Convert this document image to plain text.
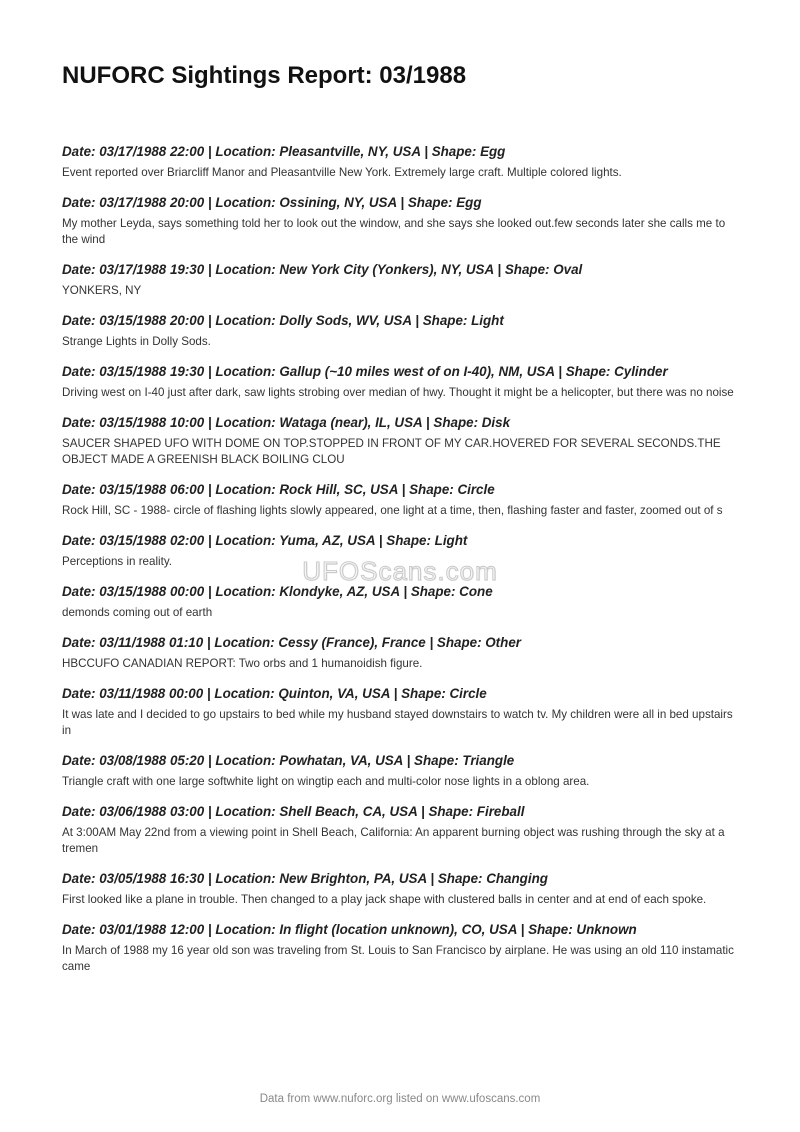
NUFORC Sightings Report: 03/1988

Date: 03/17/1988 22:00 | Location: Pleasantville, NY, USA | Shape: Egg

Event reported over Briarcliff Manor and Pleasantville New York. Extremely large craft. Multiple colored lights.

Date: 03/17/1988 20:00 | Location: Ossining, NY, USA | Shape: Egg

My mother Leyda, says something told her to look out the window, and she says she looked out.few seconds later she calls me to the wind

Date: 03/17/1988 19:30 | Location: New York City (Yonkers), NY, USA | Shape: Oval

YONKERS, NY

Date: 03/15/1988 20:00 | Location: Dolly Sods, WV, USA | Shape: Light

Strange Lights in Dolly Sods.

Date: 03/15/1988 19:30 | Location: Gallup (~10 miles west of on I-40), NM, USA | Shape: Cylinder

Driving west on I-40 just after dark, saw lights strobing over median of hwy. Thought it might be a helicopter, but there was no noise

Date: 03/15/1988 10:00 | Location: Wataga (near), IL, USA | Shape: Disk

SAUCER SHAPED UFO WITH DOME ON TOP.STOPPED IN FRONT OF MY CAR.HOVERED FOR SEVERAL SECONDS.THE OBJECT MADE A GREENISH BLACK BOILING CLOU

Date: 03/15/1988 06:00 | Location: Rock Hill, SC, USA | Shape: Circle

Rock Hill, SC - 1988- circle of flashing lights slowly appeared, one light at a time, then, flashing faster and faster, zoomed out of s

Date: 03/15/1988 02:00 | Location: Yuma, AZ, USA | Shape: Light

Perceptions in reality.

Date: 03/15/1988 00:00 | Location: Klondyke, AZ, USA | Shape: Cone

demonds coming out of earth

Date: 03/11/1988 01:10 | Location: Cessy (France), France | Shape: Other

HBCCUFO CANADIAN REPORT: Two orbs and 1 humanoidish figure.

Date: 03/11/1988 00:00 | Location: Quinton, VA, USA | Shape: Circle

It was late and I decided to go upstairs to bed while my husband stayed downstairs to watch tv. My children were all in bed upstairs in

Date: 03/08/1988 05:20 | Location: Powhatan, VA, USA | Shape: Triangle

Triangle craft with one large softwhite light on wingtip each and multi-color nose lights in a oblong area.

Date: 03/06/1988 03:00 | Location: Shell Beach, CA, USA | Shape: Fireball

At 3:00AM May 22nd from a viewing point in Shell Beach, California: An apparent burning object was rushing through the sky at a tremen

Date: 03/05/1988 16:30 | Location: New Brighton, PA, USA | Shape: Changing

First looked like a plane in trouble. Then changed to a play jack shape with clustered balls in center and at end of each spoke.

Date: 03/01/1988 12:00 | Location: In flight (location unknown), CO, USA | Shape: Unknown

In March of 1988 my 16 year old son was traveling from St. Louis to San Francisco by airplane. He was using an old 110 instamatic came

UFOScans.com
Data from www.nuforc.org listed on www.ufoscans.com
